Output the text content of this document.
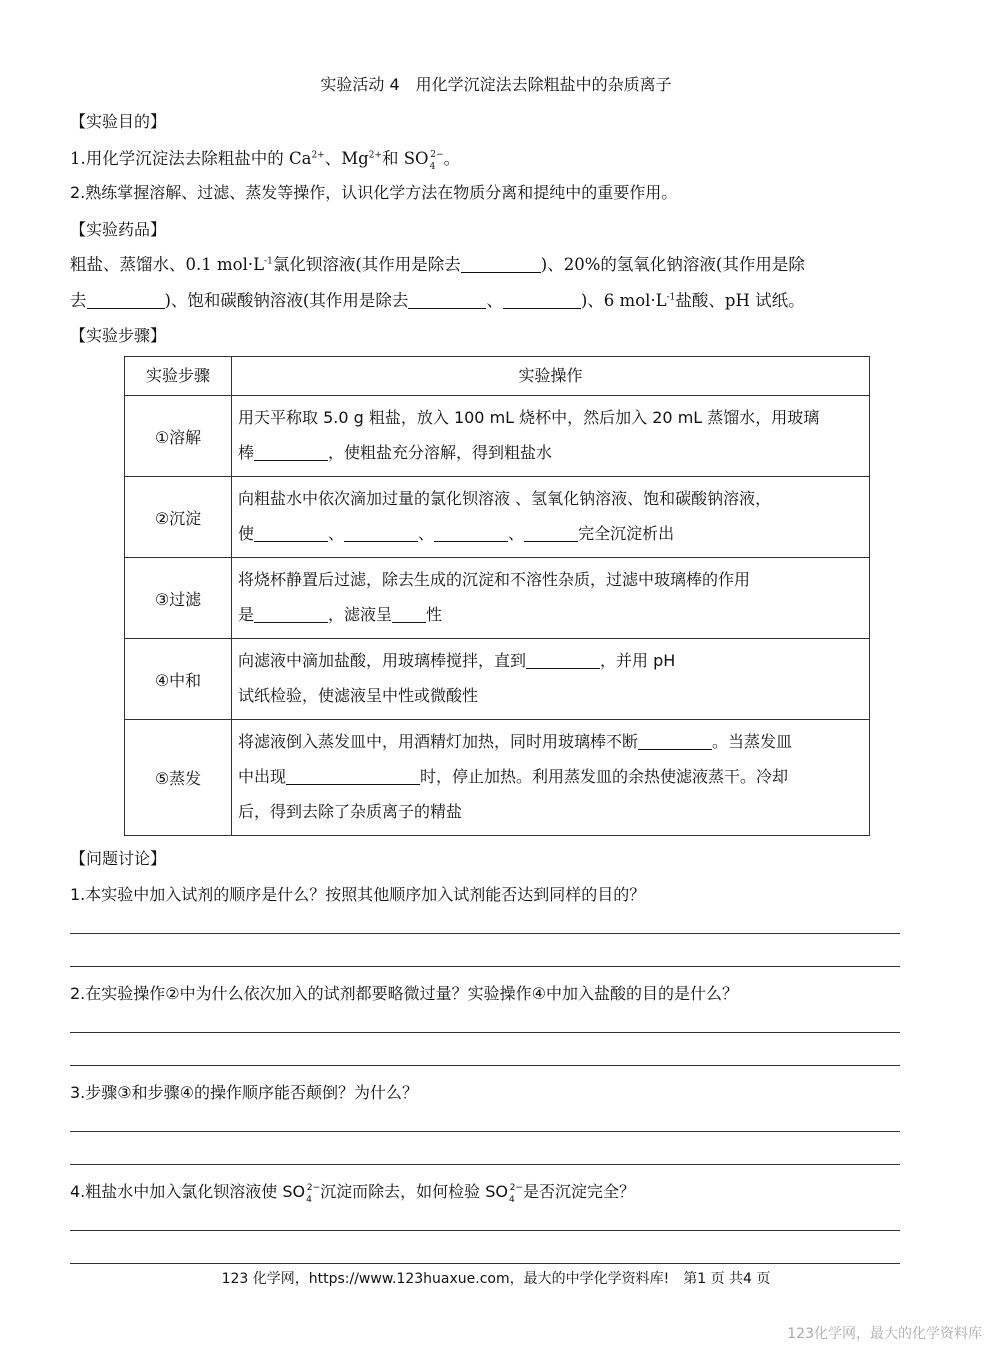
实验活动 4　用化学沉淀法去除粗盐中的杂质离子
【实验目的】
1.用化学沉淀法去除粗盐中的 $Ca^{2+}$、$Mg^{2+}$和 $SO_4^{2-}$。
2.熟练掌握溶解、过滤、蒸发等操作，认识化学方法在物质分离和提纯中的重要作用。
【实验药品】
粗盐、蒸馏水、0.1 $mol\cdot L^{-1}$氯化钡溶液(其作用是除去	)、20%的氢氧化钠溶液(其作用是除
去	)、饱和碳酸钠溶液(其作用是除去	、	)、6 $mol\cdot L^{-1}$盐酸、pH 试纸。
【实验步骤】
实验步骤	实验操作
①溶解	用天平称取 5.0 g 粗盐，放入 100 mL 烧杯中，然后加入 20 mL 蒸馏水，用玻璃
棒 ，使粗盐充分溶解，得到粗盐水
②沉淀	向粗盐水中依次滴加过量的氯化钡溶液 、氢氧化钠溶液、饱和碳酸钠溶液，
使 、 、 、 完全沉淀析出
③过滤	将烧杯静置后过滤，除去生成的沉淀和不溶性杂质，过滤中玻璃棒的作用
是 ，滤液呈 性
④中和	向滤液中滴加盐酸，用玻璃棒搅拌，直到 ，并用 pH
试纸检验，使滤液呈中性或微酸性
⑤蒸发	将滤液倒入蒸发皿中，用酒精灯加热，同时用玻璃棒不断 。当蒸发皿
中出现 时，停止加热。利用蒸发皿的余热使滤液蒸干。冷却
后，得到去除了杂质离子的精盐
【问题讨论】
1.本实验中加入试剂的顺序是什么？按照其他顺序加入试剂能否达到同样的目的？
2.在实验操作②中为什么依次加入的试剂都要略微过量？实验操作④中加入盐酸的目的是什么？
3.步骤③和步骤④的操作顺序能否颠倒？为什么？
4.粗盐水中加入氯化钡溶液使 $SO_4^{2-}$沉淀而除去，如何检验 $SO_4^{2-}$是否沉淀完全？
123 化学网，https://www.123huaxue.com，最大的中学化学资料库!　第1 页 共4 页
123化学网，最大的化学资料库
